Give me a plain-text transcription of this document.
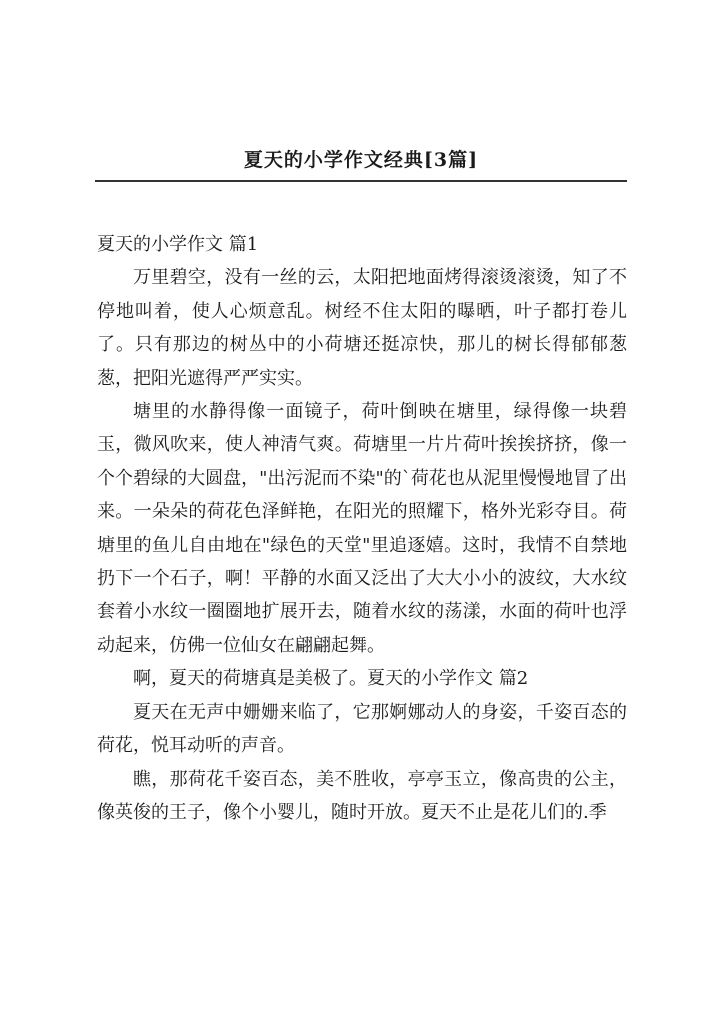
夏天的小学作文经典[3篇]

夏天的小学作文 篇1

万里碧空，没有一丝的云，太阳把地面烤得滚烫滚烫，知了不停地叫着，使人心烦意乱。树经不住太阳的曝晒，叶子都打卷儿了。只有那边的树丛中的小荷塘还挺凉快，那儿的树长得郁郁葱葱，把阳光遮得严严实实。

塘里的水静得像一面镜子，荷叶倒映在塘里，绿得像一块碧玉，微风吹来，使人神清气爽。荷塘里一片片荷叶挨挨挤挤，像一个个碧绿的大圆盘，"出污泥而不染"的`荷花也从泥里慢慢地冒了出来。一朵朵的荷花色泽鲜艳，在阳光的照耀下，格外光彩夺目。荷塘里的鱼儿自由地在"绿色的天堂"里追逐嬉。这时，我情不自禁地扔下一个石子，啊！平静的水面又泛出了大大小小的波纹，大水纹套着小水纹一圈圈地扩展开去，随着水纹的荡漾，水面的荷叶也浮动起来，仿佛一位仙女在翩翩起舞。

啊，夏天的荷塘真是美极了。夏天的小学作文 篇2

夏天在无声中姗姗来临了，它那婀娜动人的身姿，千姿百态的荷花，悦耳动听的声音。

瞧，那荷花千姿百态，美不胜收，亭亭玉立，像高贵的公主，像英俊的王子，像个小婴儿，随时开放。夏天不止是花儿们的.季
